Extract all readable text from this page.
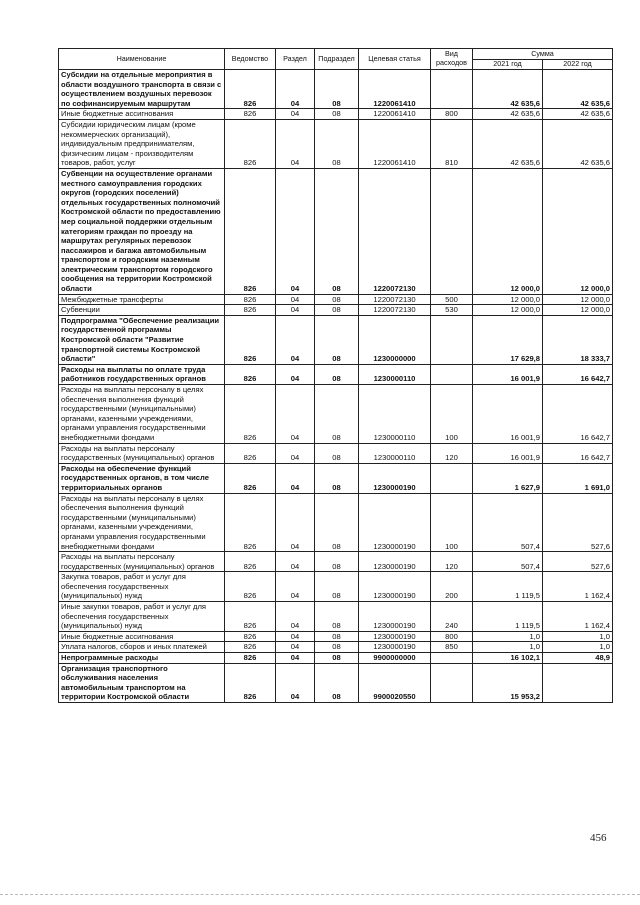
Наименование	Ведомство	Раздел	Подраздел	Целевая статья	Вид расходов	Сумма	
						2021 год	2022 год
Субсидии на отдельные мероприятия в области воздушного транспорта в связи с осуществлением воздушных перевозок по софинансируемым маршрутам	826	04	08	1220061410		42 635,6	42 635,6
Иные бюджетные ассигнования	826	04	08	1220061410	800	42 635,6	42 635,6
Субсидии юридическим лицам (кроме некоммерческих организаций), индивидуальным предпринимателям, физическим лицам - производителям товаров, работ, услуг	826	04	08	1220061410	810	42 635,6	42 635,6
Субвенции на осуществление органами местного самоуправления городских округов (городских поселений) отдельных государственных полномочий Костромской области по предоставлению мер социальной поддержки отдельным категориям граждан по проезду на маршрутах регулярных перевозок пассажиров и багажа автомобильным транспортом и городским наземным электрическим транспортом городского сообщения на территории Костромской области	826	04	08	1220072130		12 000,0	12 000,0
Межбюджетные трансферты	826	04	08	1220072130	500	12 000,0	12 000,0
Субвенции	826	04	08	1220072130	530	12 000,0	12 000,0
Подпрограмма "Обеспечение реализации государственной программы Костромской области "Развитие транспортной системы Костромской области"	826	04	08	1230000000		17 629,8	18 333,7
Расходы на выплаты по оплате труда работников государственных органов	826	04	08	1230000110		16 001,9	16 642,7
Расходы на выплаты персоналу в целях обеспечения выполнения функций государственными (муниципальными) органами, казенными учреждениями, органами управления государственными внебюджетными фондами	826	04	08	1230000110	100	16 001,9	16 642,7
Расходы на выплаты персоналу государственных (муниципальных) органов	826	04	08	1230000110	120	16 001,9	16 642,7
Расходы на обеспечение функций государственных органов, в том числе территориальных органов	826	04	08	1230000190		1 627,9	1 691,0
Расходы на выплаты персоналу в целях обеспечения выполнения функций государственными (муниципальными) органами, казенными учреждениями, органами управления государственными внебюджетными фондами	826	04	08	1230000190	100	507,4	527,6
Расходы на выплаты персоналу государственных (муниципальных) органов	826	04	08	1230000190	120	507,4	527,6
Закупка товаров, работ и услуг для обеспечения государственных (муниципальных) нужд	826	04	08	1230000190	200	1 119,5	1 162,4
Иные закупки товаров, работ и услуг для обеспечения государственных (муниципальных) нужд	826	04	08	1230000190	240	1 119,5	1 162,4
Иные бюджетные ассигнования	826	04	08	1230000190	800	1,0	1,0
Уплата налогов, сборов и иных платежей	826	04	08	1230000190	850	1,0	1,0
Непрограммные расходы	826	04	08	9900000000		16 102,1	48,9
Организация транспортного обслуживания населения автомобильным транспортом на территории Костромской области	826	04	08	9900020550		15 953,2	
456
